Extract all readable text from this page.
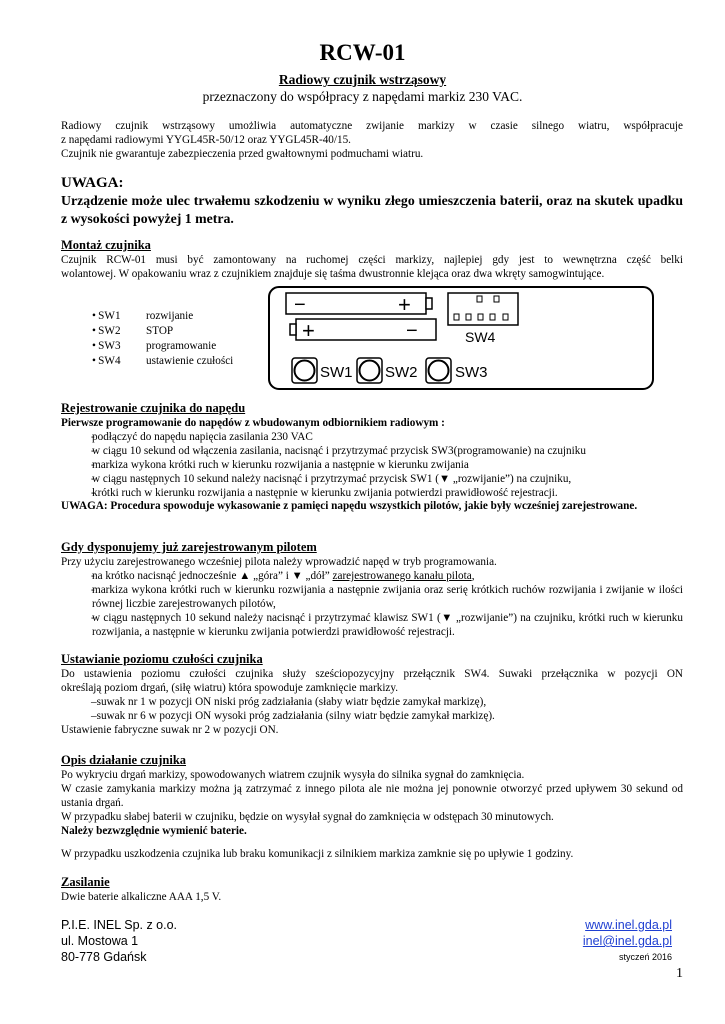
RCW-01
Radiowy czujnik wstrząsowy
przeznaczony do współpracy z napędami markiz 230 VAC.
Radiowy czujnik wstrząsowy umożliwia automatyczne zwijanie markizy w czasie silnego wiatru, współpracuje
z napędami radiowymi YYGL45R-50/12 oraz YYGL45R-40/15.
Czujnik nie gwarantuje zabezpieczenia przed gwałtownymi podmuchami wiatru.
UWAGA:
Urządzenie może ulec trwałemu szkodzeniu w wyniku złego umieszczenia baterii, oraz na skutek upadku z wysokości powyżej 1 metra.
Montaż czujnika
Czujnik RCW-01 musi być zamontowany na ruchomej części markizy, najlepiej gdy jest to wewnętrzna część belki
wolantowej. W opakowaniu wraz z czujnikiem znajduje się taśma dwustronnie klejąca oraz dwa wkręty samogwintujące.
• SW1	rozwijanie
• SW2	STOP
• SW3	programowanie
• SW4	ustawienie czułości
−	+
+	−	SW4
SW1 SW2 SW3
Rejestrowanie czujnika do napędu
Pierwsze programowanie do napędów z wbudowanym odbiornikiem radiowym :
- podłączyć do napędu napięcia zasilania 230 VAC
- w ciągu 10 sekund od włączenia zasilania, nacisnąć i przytrzymać przycisk SW3(programowanie) na czujniku
- markiza wykona krótki ruch w kierunku rozwijania a następnie w kierunku zwijania
- w ciągu następnych 10 sekund należy nacisnąć i przytrzymać przycisk SW1 (▼ „rozwijanie”) na czujniku,
- krótki ruch w kierunku rozwijania a następnie w kierunku zwijania potwierdzi prawidłowość rejestracji.
UWAGA: Procedura spowoduje wykasowanie z pamięci napędu wszystkich pilotów, jakie były wcześniej zarejestrowane.
Gdy dysponujemy już zarejestrowanym pilotem
Przy użyciu zarejestrowanego wcześniej pilota należy wprowadzić napęd w tryb programowania.
- na krótko nacisnąć jednocześnie ▲ „góra” i ▼ „dół” zarejestrowanego kanału pilota,
- markiza wykona krótki ruch w kierunku rozwijania a następnie zwijania oraz serię krótkich ruchów rozwijania i zwijanie w ilości równej liczbie zarejestrowanych pilotów,
- w ciągu następnych 10 sekund należy nacisnąć i przytrzymać klawisz SW1 (▼ „rozwijanie”) na czujniku, krótki ruch w kierunku rozwijania, a następnie w kierunku zwijania potwierdzi prawidłowość rejestracji.
Ustawianie poziomu czułości czujnika
Do ustawienia poziomu czułości czujnika służy sześciopozycyjny przełącznik SW4. Suwaki przełącznika w pozycji ON
określają poziom drgań, (siłę wiatru) która spowoduje zamknięcie markizy.
–suwak nr 1 w pozycji ON niski próg zadziałania (słaby wiatr będzie zamykał markizę),
–suwak nr 6 w pozycji ON wysoki próg zadziałania (silny wiatr będzie zamykał markizę).
Ustawienie fabryczne suwak nr 2 w pozycji ON.
Opis działanie czujnika
Po wykryciu drgań markizy, spowodowanych wiatrem czujnik wysyła do silnika sygnał do zamknięcia.
W czasie zamykania markizy można ją zatrzymać z innego pilota ale nie można jej ponownie otworzyć przed upływem 30 sekund od ustania drgań.
W przypadku słabej baterii w czujniku, będzie on wysyłał sygnał do zamknięcia w odstępach 30 minutowych.
Należy bezwzględnie wymienić baterie.
W przypadku uszkodzenia czujnika lub braku komunikacji z silnikiem markiza zamknie się po upływie 1 godziny.
Zasilanie
Dwie baterie alkaliczne AAA 1,5 V.
P.I.E. INEL Sp. z o.o.
ul. Mostowa 1
80-778 Gdańsk
www.inel.gda.pl
inel@inel.gda.pl
styczeń 2016
1
